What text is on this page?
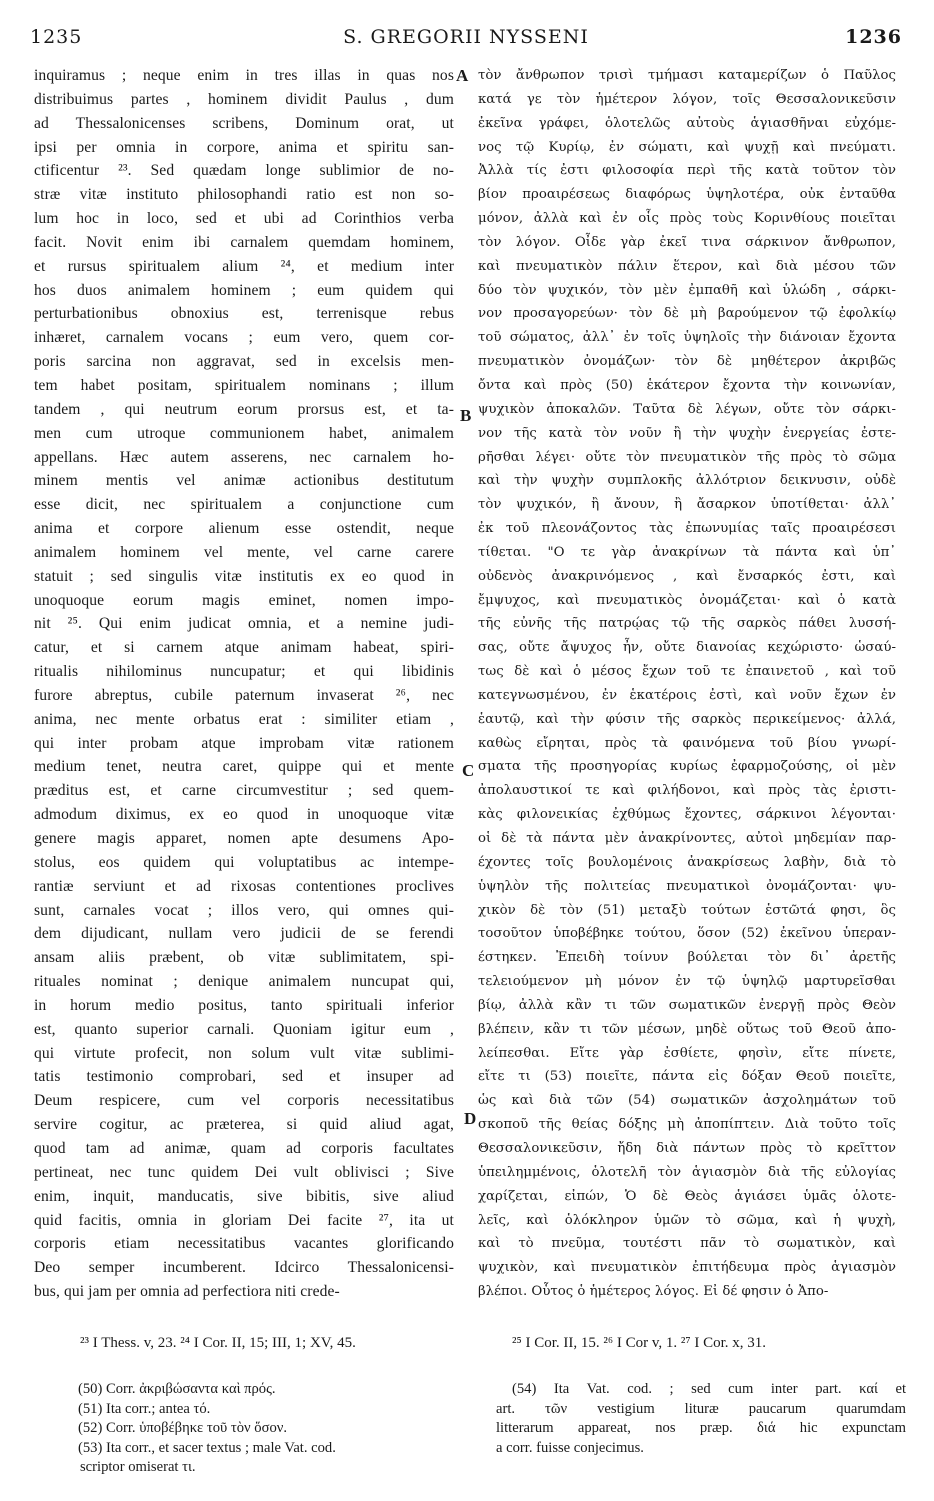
1235	S. GREGORII NYSSENI	1236
inquiramus ; neque enim in tres illas in quas nos
distribuimus partes , hominem dividit Paulus , dum
ad Thessalonicenses scribens, Dominum orat, ut
ipsi per omnia in corpore, anima et spiritu san-
ctificentur ²³. Sed quædam longe sublimior de no-
stræ vitæ instituto philosophandi ratio est non so-
lum hoc in loco, sed et ubi ad Corinthios verba
facit. Novit enim ibi carnalem quemdam hominem,
et rursus spiritualem alium ²⁴, et medium inter
hos duos animalem hominem ; eum quidem qui
perturbationibus obnoxius est, terrenisque rebus
inhæret, carnalem vocans ; eum vero, quem cor-
poris sarcina non aggravat, sed in excelsis men-
tem habet positam, spiritualem nominans ; illum
tandem , qui neutrum eorum prorsus est, et ta-
men cum utroque communionem habet, animalem
appellans. Hæc autem asserens, nec carnalem ho-
minem mentis vel animæ actionibus destitutum
esse dicit, nec spiritualem a conjunctione cum
anima et corpore alienum esse ostendit, neque
animalem hominem vel mente, vel carne carere
statuit ; sed singulis vitæ institutis ex eo quod in
unoquoque eorum magis eminet, nomen impo-
nit ²⁵. Qui enim judicat omnia, et a nemine judi-
catur, et si carnem atque animam habeat, spiri-
ritualis nihilominus nuncupatur; et qui libidinis
furore abreptus, cubile paternum invaserat ²⁶, nec
anima, nec mente orbatus erat : similiter etiam ,
qui inter probam atque improbam vitæ rationem
medium tenet, neutra caret, quippe qui et mente
præditus est, et carne circumvestitur ; sed quem-
admodum diximus, ex eo quod in unoquoque vitæ
genere magis apparet, nomen apte desumens Apo-
stolus, eos quidem qui voluptatibus ac intempe-
rantiæ serviunt et ad rixosas contentiones proclives
sunt, carnales vocat ; illos vero, qui omnes qui-
dem dijudicant, nullam vero judicii de se ferendi
ansam aliis præbent, ob vitæ sublimitatem, spi-
rituales nominat ; denique animalem nuncupat qui,
in horum medio positus, tanto spirituali inferior
est, quanto superior carnali. Quoniam igitur eum ,
qui virtute profecit, non solum vult vitæ sublimi-
tatis testimonio comprobari, sed et insuper ad
Deum respicere, cum vel corporis necessitatibus
servire cogitur, ac præterea, si quid aliud agat,
quod tam ad animæ, quam ad corporis facultates
pertineat, nec tunc quidem Dei vult oblivisci ; Sive
enim, inquit, manducatis, sive bibitis, sive aliud
quid facitis, omnia in gloriam Dei facite ²⁷, ita ut
corporis etiam necessitatibus vacantes glorificando
Deo semper incumberent. Idcirco Thessalonicensi-
bus, qui jam per omnia ad perfectiora niti crede-
τὸν ἄνθρωπον τρισὶ τμήμασι καταμερίζων ὁ Παῦλος
κατά γε τὸν ἡμέτερον λόγον, τοῖς Θεσσαλονικεῦσιν
ἐκεῖνα γράφει, ὁλοτελῶς αὐτοὺς ἁγιασθῆναι εὐχόμε-
νος τῷ Κυρίῳ, ἐν σώματι, καὶ ψυχῇ καὶ πνεύματι.
Ἀλλὰ τίς ἐστι φιλοσοφία περὶ τῆς κατὰ τοῦτον τὸν
βίον προαιρέσεως διαφόρως ὑψηλοτέρα, οὐκ ἐνταῦθα
μόνον, ἀλλὰ καὶ ἐν οἷς πρὸς τοὺς Κορινθίους ποιεῖται
τὸν λόγον. Οἶδε γὰρ ἐκεῖ τινα σάρκινον ἄνθρωπον,
καὶ πνευματικὸν πάλιν ἕτερον, καὶ διὰ μέσου τῶν
δύο τὸν ψυχικόν, τὸν μὲν ἐμπαθῆ καὶ ὑλώδη , σάρκι-
νον προσαγορεύων· τὸν δὲ μὴ βαρούμενον τῷ ἐφολκίῳ
τοῦ σώματος, ἀλλ᾽ ἐν τοῖς ὑψηλοῖς τὴν διάνοιαν ἔχοντα
πνευματικὸν ὀνομάζων· τὸν δὲ μηθέτερον ἀκριβῶς
ὄντα καὶ πρὸς (50) ἑκάτερον ἔχοντα τὴν κοινωνίαν,
ψυχικὸν ἀποκαλῶν. Ταῦτα δὲ λέγων, οὔτε τὸν σάρκι-
νον τῆς κατὰ τὸν νοῦν ἢ τὴν ψυχὴν ἐνεργείας ἐστε-
ρῆσθαι λέγει· οὔτε τὸν πνευματικὸν τῆς πρὸς τὸ σῶμα
καὶ τὴν ψυχὴν συμπλοκῆς ἀλλότριον δεικνυσιν, οὐδὲ
τὸν ψυχικόν, ἢ ἄνουν, ἢ ἄσαρκον ὑποτίθεται· ἀλλ᾽
ἐκ τοῦ πλεονάζοντος τὰς ἐπωνυμίας ταῖς προαιρέσεσι
τίθεται. "Ο τε γὰρ ἀνακρίνων τὰ πάντα καὶ ὑπ᾽
οὐδενὸς ἀνακρινόμενος , καὶ ἔνσαρκός ἐστι, καὶ
ἔμψυχος, καὶ πνευματικὸς ὀνομάζεται· καὶ ὁ κατὰ
τῆς εὐνῆς τῆς πατρῴας τῷ τῆς σαρκὸς πάθει λυσσή-
σας, οὔτε ἄψυχος ἦν, οὔτε διανοίας κεχώριστο· ὡσαύ-
τως δὲ καὶ ὁ μέσος ἔχων τοῦ τε ἐπαινετοῦ , καὶ τοῦ
κατεγνωσμένου, ἐν ἑκατέροις ἐστὶ, καὶ νοῦν ἔχων ἐν
ἑαυτῷ, καὶ τὴν φύσιν τῆς σαρκὸς περικείμενος· ἀλλά,
καθὼς εἴρηται, πρὸς τὰ φαινόμενα τοῦ βίου γνωρί-
σματα τῆς προσηγορίας κυρίως ἐφαρμοζούσης, οἱ μὲν
ἀπολαυστικοί τε καὶ φιλήδονοι, καὶ πρὸς τὰς ἐριστι-
κὰς φιλονεικίας ἐχθύμως ἔχοντες, σάρκινοι λέγονται·
οἱ δὲ τὰ πάντα μὲν ἀνακρίνοντες, αὐτοὶ μηδεμίαν παρ-
έχοντες τοῖς βουλομένοις ἀνακρίσεως λαβὴν, διὰ τὸ
ὑψηλὸν τῆς πολιτείας πνευματικοὶ ὀνομάζονται· ψυ-
χικὸν δὲ τὸν (51) μεταξὺ τούτων ἑστῶτά φησι, ὃς
τοσοῦτον ὑποβέβηκε τούτου, ὅσον (52) ἐκεῖνου ὑπεραν-
έστηκεν. Ἐπειδὴ τοίνυν βούλεται τὸν δι᾽ ἀρετῆς
τελειούμενον μὴ μόνον ἐν τῷ ὑψηλῷ μαρτυρεῖσθαι
βίῳ, ἀλλὰ κἂν τι τῶν σωματικῶν ἐνεργῇ πρὸς Θεὸν
βλέπειν, κἂν τι τῶν μέσων, μηδὲ οὕτως τοῦ Θεοῦ ἀπο-
λείπεσθαι. Εἴτε γὰρ ἐσθίετε, φησὶν, εἴτε πίνετε,
εἴτε τι (53) ποιεῖτε, πάντα εἰς δόξαν Θεοῦ ποιεῖτε,
ὡς καὶ διὰ τῶν (54) σωματικῶν ἀσχολημάτων τοῦ
σκοποῦ τῆς θείας δόξης μὴ ἀποπίπτειν. Διὰ τοῦτο τοῖς
Θεσσαλονικεῦσιν, ἤδη διὰ πάντων πρὸς τὸ κρεῖττον
ὑπειλημμένοις, ὁλοτελῆ τὸν ἁγιασμὸν διὰ τῆς εὐλογίας
χαρίζεται, εἰπών, Ὁ δὲ Θεὸς ἁγιάσει ὑμᾶς ὁλοτε-
λεῖς, καὶ ὁλόκληρον ὑμῶν τὸ σῶμα, καὶ ἡ ψυχὴ,
καὶ τὸ πνεῦμα, τουτέστι πᾶν τὸ σωματικὸν, καὶ
ψυχικὸν, καὶ πνευματικὸν ἐπιτήδευμα πρὸς ἁγιασμὸν
βλέποι. Οὗτος ὁ ἡμέτερος λόγος. Εἰ δέ φησιν ὁ Ἀπο-
A
B
C
D
²³ I Thess. v, 23. ²⁴ I Cor. II, 15; III, 1; XV, 45.	²⁵ I Cor. II, 15. ²⁶ I Cor v, 1. ²⁷ I Cor. x, 31.
(50) Corr. ἀκριβώσαντα καὶ πρός.
(51) Ita corr.; antea τό.
(52) Corr. ὑποβέβηκε τοῦ τὸν ὅσον.
(53) Ita corr., et sacer textus ; male Vat. cod.
scriptor omiserat τι.
(54) Ita Vat. cod. ; sed cum inter part. καί et
art. τῶν vestigium lituræ paucarum quarumdam
litterarum appareat, nos præp. διά hic expunctam
a corr. fuisse conjecimus.
